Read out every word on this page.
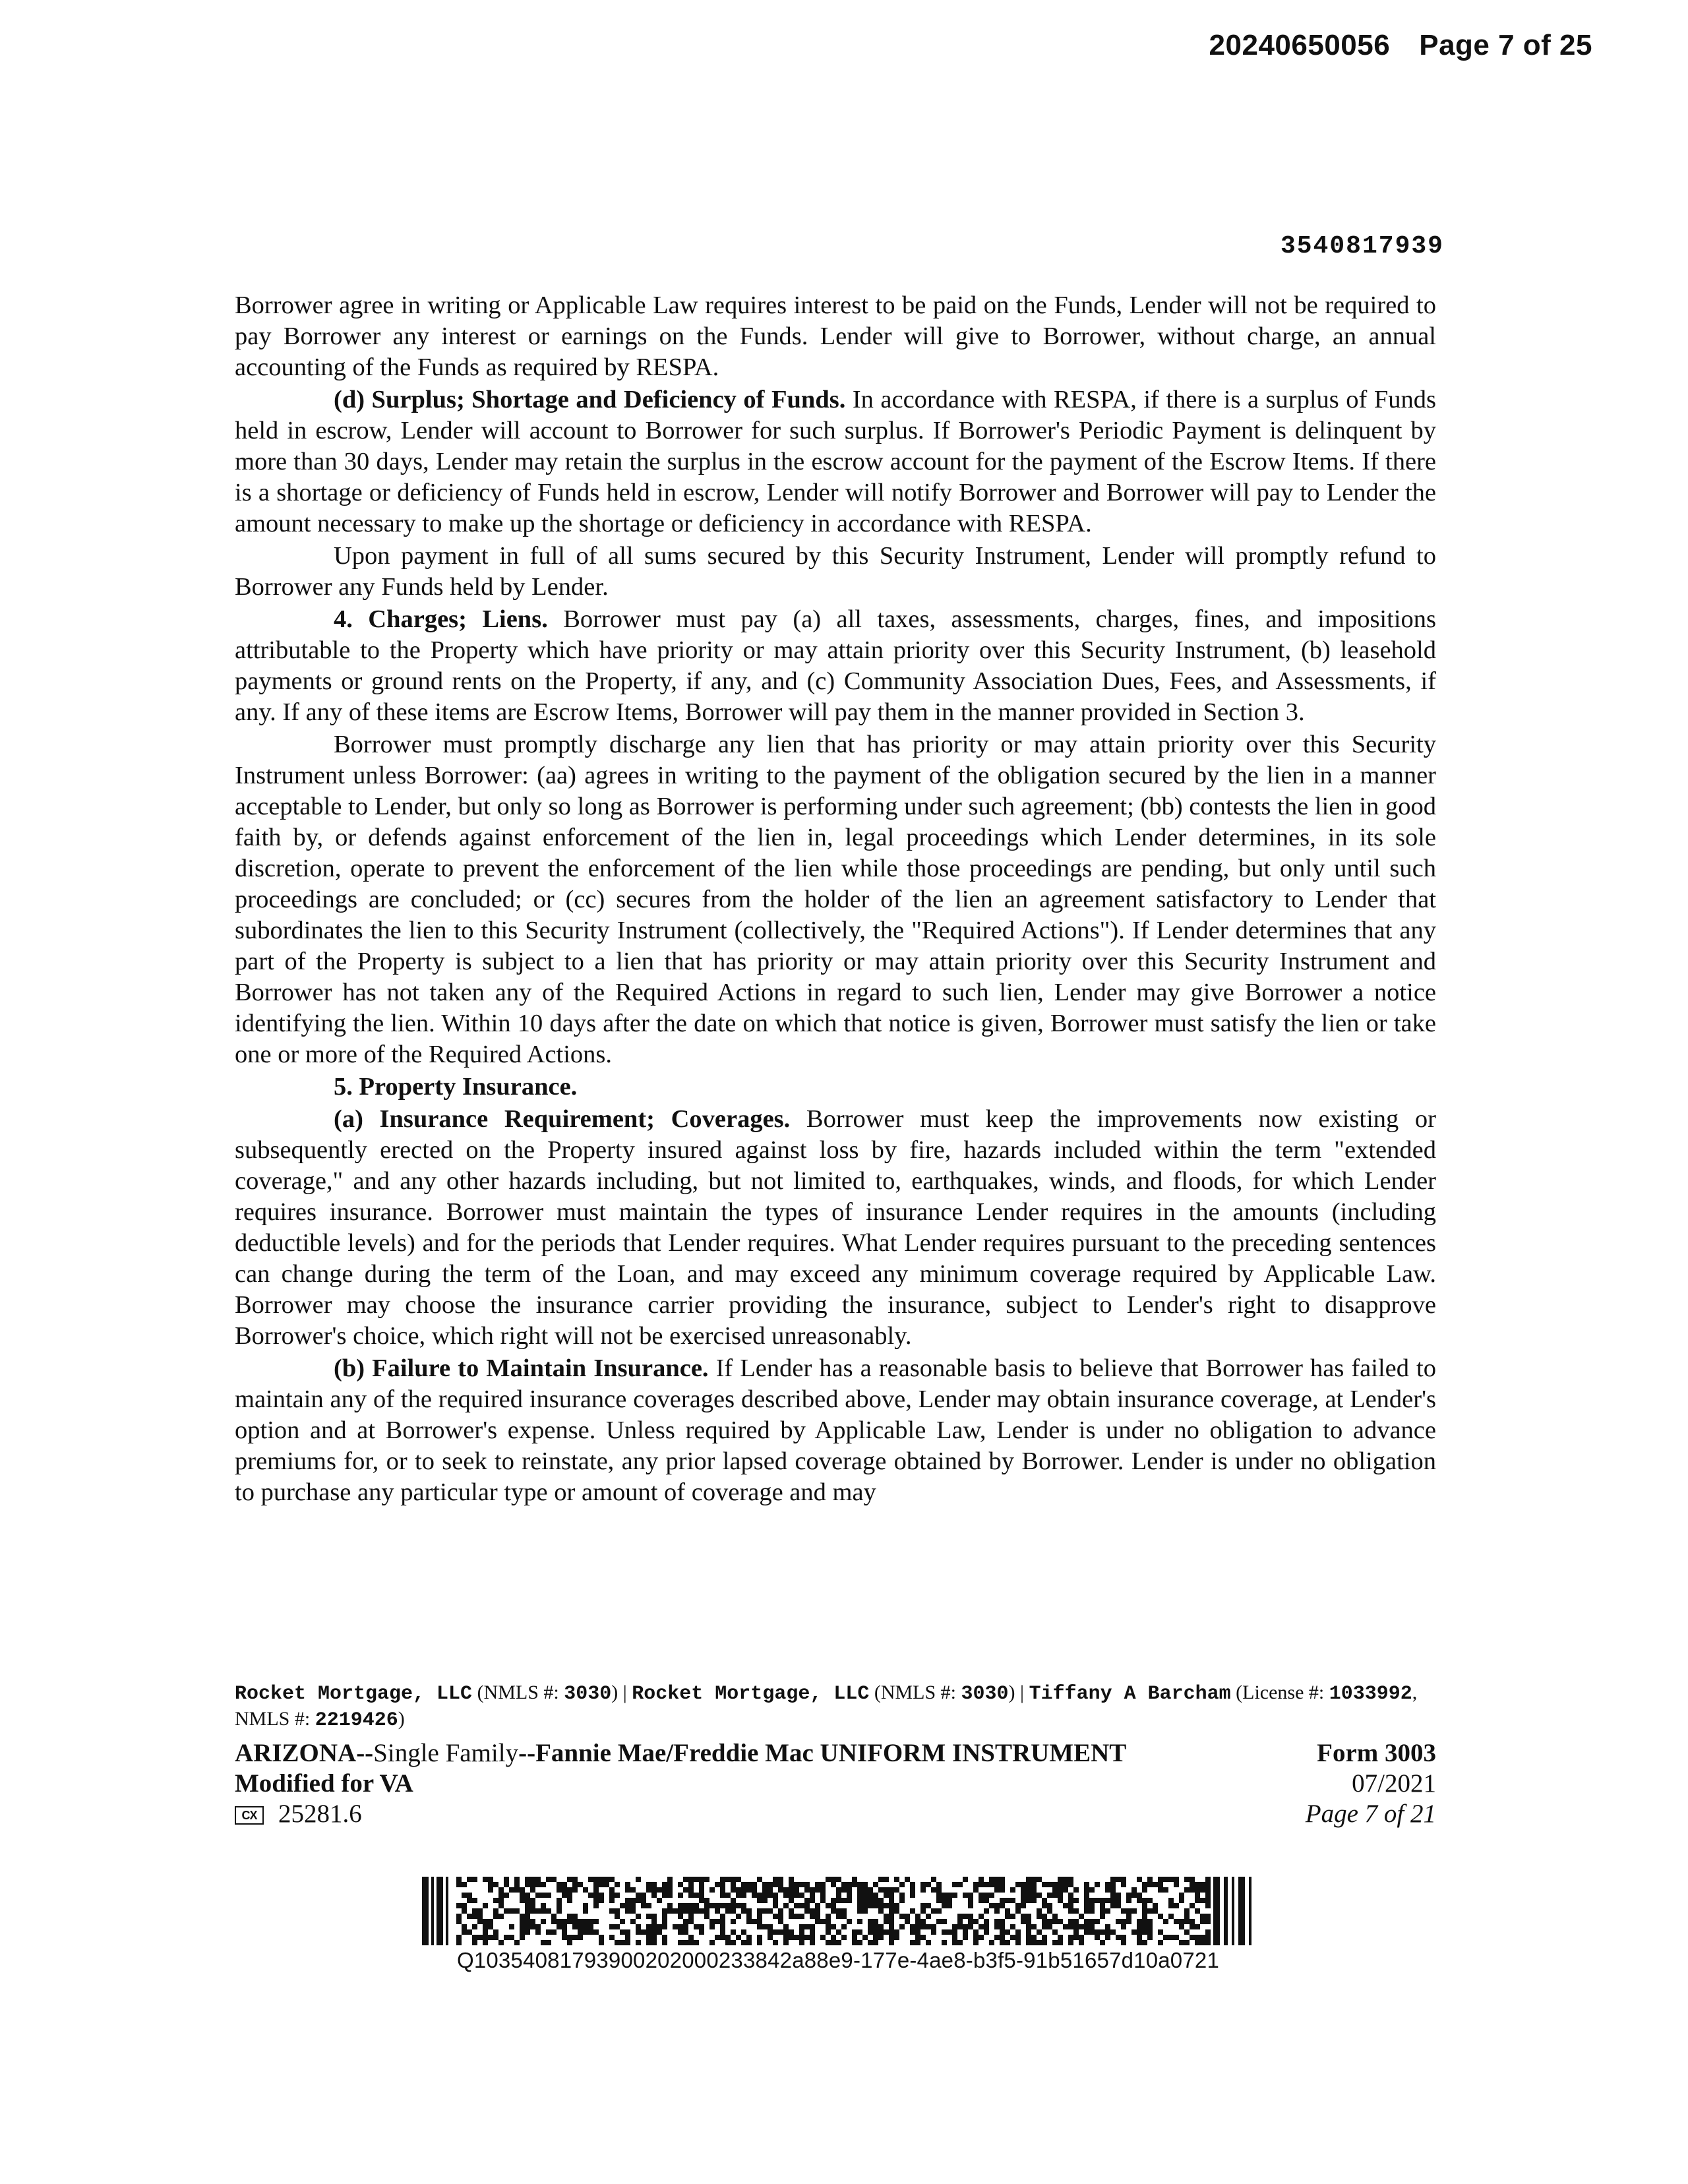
20240650056 Page 7 of 25
3540817939

Borrower agree in writing or Applicable Law requires interest to be paid on the Funds, Lender will not be required to pay Borrower any interest or earnings on the Funds. Lender will give to Borrower, without charge, an annual accounting of the Funds as required by RESPA.

(d) Surplus; Shortage and Deficiency of Funds. In accordance with RESPA, if there is a surplus of Funds held in escrow, Lender will account to Borrower for such surplus. If Borrower's Periodic Payment is delinquent by more than 30 days, Lender may retain the surplus in the escrow account for the payment of the Escrow Items. If there is a shortage or deficiency of Funds held in escrow, Lender will notify Borrower and Borrower will pay to Lender the amount necessary to make up the shortage or deficiency in accordance with RESPA.

Upon payment in full of all sums secured by this Security Instrument, Lender will promptly refund to Borrower any Funds held by Lender.

4. Charges; Liens. Borrower must pay (a) all taxes, assessments, charges, fines, and impositions attributable to the Property which have priority or may attain priority over this Security Instrument, (b) leasehold payments or ground rents on the Property, if any, and (c) Community Association Dues, Fees, and Assessments, if any. If any of these items are Escrow Items, Borrower will pay them in the manner provided in Section 3.

Borrower must promptly discharge any lien that has priority or may attain priority over this Security Instrument unless Borrower: (aa) agrees in writing to the payment of the obligation secured by the lien in a manner acceptable to Lender, but only so long as Borrower is performing under such agreement; (bb) contests the lien in good faith by, or defends against enforcement of the lien in, legal proceedings which Lender determines, in its sole discretion, operate to prevent the enforcement of the lien while those proceedings are pending, but only until such proceedings are concluded; or (cc) secures from the holder of the lien an agreement satisfactory to Lender that subordinates the lien to this Security Instrument (collectively, the "Required Actions"). If Lender determines that any part of the Property is subject to a lien that has priority or may attain priority over this Security Instrument and Borrower has not taken any of the Required Actions in regard to such lien, Lender may give Borrower a notice identifying the lien. Within 10 days after the date on which that notice is given, Borrower must satisfy the lien or take one or more of the Required Actions.

5. Property Insurance.

(a) Insurance Requirement; Coverages. Borrower must keep the improvements now existing or subsequently erected on the Property insured against loss by fire, hazards included within the term "extended coverage," and any other hazards including, but not limited to, earthquakes, winds, and floods, for which Lender requires insurance. Borrower must maintain the types of insurance Lender requires in the amounts (including deductible levels) and for the periods that Lender requires. What Lender requires pursuant to the preceding sentences can change during the term of the Loan, and may exceed any minimum coverage required by Applicable Law. Borrower may choose the insurance carrier providing the insurance, subject to Lender's right to disapprove Borrower's choice, which right will not be exercised unreasonably.

(b) Failure to Maintain Insurance. If Lender has a reasonable basis to believe that Borrower has failed to maintain any of the required insurance coverages described above, Lender may obtain insurance coverage, at Lender's option and at Borrower's expense. Unless required by Applicable Law, Lender is under no obligation to advance premiums for, or to seek to reinstate, any prior lapsed coverage obtained by Borrower. Lender is under no obligation to purchase any particular type or amount of coverage and may

Rocket Mortgage, LLC (NMLS #: 3030) | Rocket Mortgage, LLC (NMLS #: 3030) | Tiffany A Barcham (License #: 1033992, NMLS #: 2219426)
ARIZONA--Single Family--Fannie Mae/Freddie Mac UNIFORM INSTRUMENT
Modified for VA
CX 25281.6
Form 3003
07/2021
Page 7 of 21
Q10354081793900202000233842a88e9-177e-4ae8-b3f5-91b51657d10a0721
